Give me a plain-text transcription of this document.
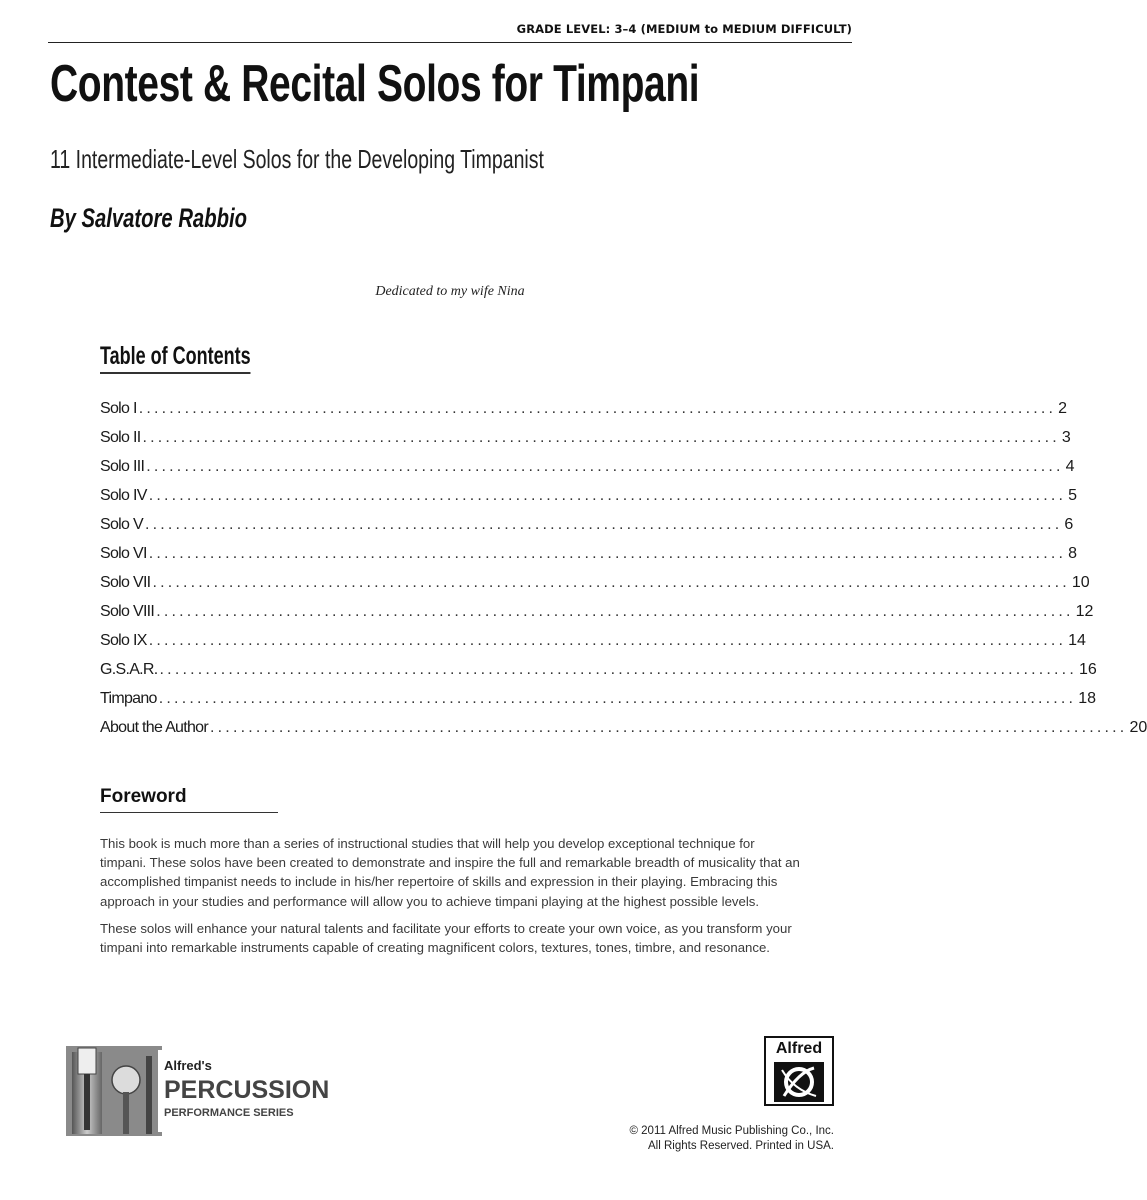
GRADE LEVEL: 3–4 (MEDIUM to MEDIUM DIFFICULT)
Contest & Recital Solos for Timpani
11 Intermediate-Level Solos for the Developing Timpanist
By Salvatore Rabbio
Dedicated to my wife Nina
Table of Contents
Solo I ........................................................................................................................ 2
Solo II ........................................................................................................................ 3
Solo III ........................................................................................................................ 4
Solo IV ........................................................................................................................ 5
Solo V ........................................................................................................................ 6
Solo VI ........................................................................................................................ 8
Solo VII ........................................................................................................................ 10
Solo VIII ........................................................................................................................ 12
Solo IX ........................................................................................................................ 14
G.S.A.R. ........................................................................................................................ 16
Timpano ........................................................................................................................ 18
About the Author ........................................................................................................................ 20
Foreword

This book is much more than a series of instructional studies that will help you develop exceptional technique for timpani. These solos have been created to demonstrate and inspire the full and remarkable breadth of musicality that an accomplished timpanist needs to include in his/her repertoire of skills and expression in their playing. Embracing this approach in your studies and performance will allow you to achieve timpani playing at the highest possible levels.

These solos will enhance your natural talents and facilitate your efforts to create your own voice, as you transform your timpani into remarkable instruments capable of creating magnificent colors, textures, tones, timbre, and resonance.

Alfred's
PERCUSSION
PERFORMANCE SERIES
Alfred
© 2011 Alfred Music Publishing Co., Inc.
All Rights Reserved. Printed in USA.
